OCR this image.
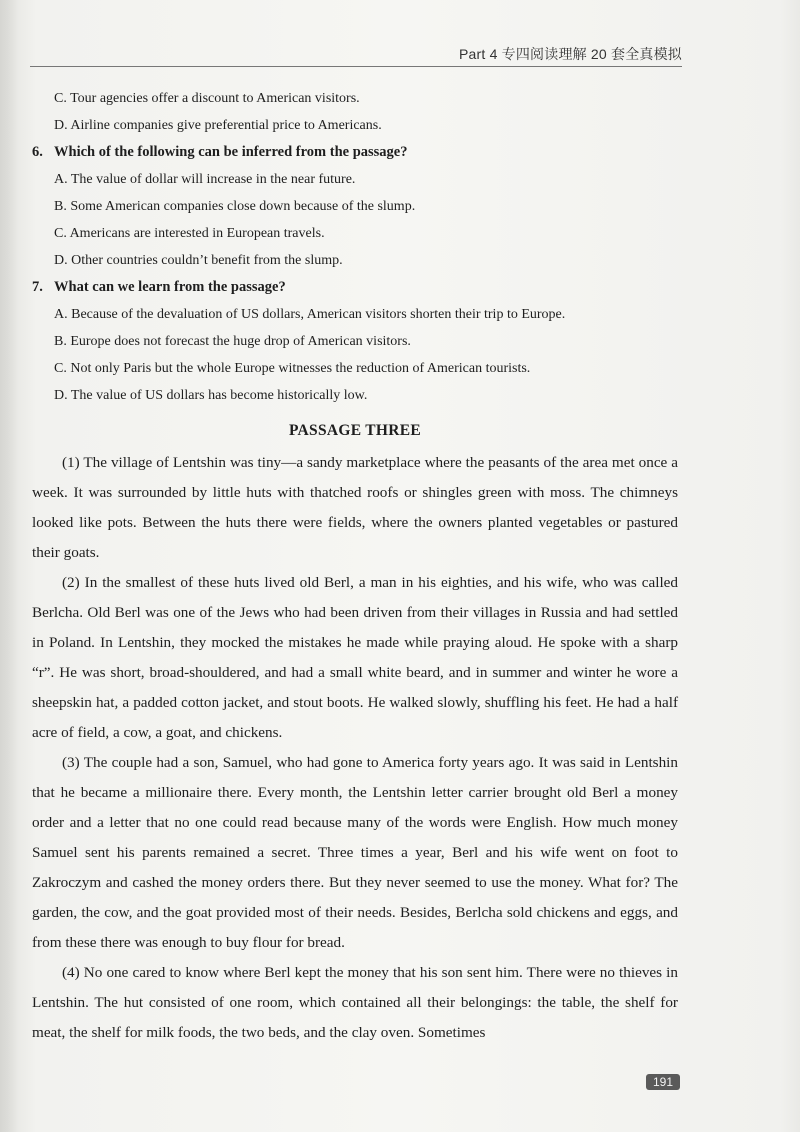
Part 4 专四阅读理解 20 套全真模拟
C. Tour agencies offer a discount to American visitors.
D. Airline companies give preferential price to Americans.
6. Which of the following can be inferred from the passage?
A. The value of dollar will increase in the near future.
B. Some American companies close down because of the slump.
C. Americans are interested in European travels.
D. Other countries couldn’t benefit from the slump.
7. What can we learn from the passage?
A. Because of the devaluation of US dollars, American visitors shorten their trip to Europe.
B. Europe does not forecast the huge drop of American visitors.
C. Not only Paris but the whole Europe witnesses the reduction of American tourists.
D. The value of US dollars has become historically low.
PASSAGE THREE

(1) The village of Lentshin was tiny—a sandy marketplace where the peasants of the area met once a week. It was surrounded by little huts with thatched roofs or shingles green with moss. The chimneys looked like pots. Between the huts there were fields, where the owners planted vegetables or pastured their goats.

(2) In the smallest of these huts lived old Berl, a man in his eighties, and his wife, who was called Berlcha. Old Berl was one of the Jews who had been driven from their villages in Russia and had settled in Poland. In Lentshin, they mocked the mistakes he made while praying aloud. He spoke with a sharp “r”. He was short, broad-shouldered, and had a small white beard, and in summer and winter he wore a sheepskin hat, a padded cotton jacket, and stout boots. He walked slowly, shuffling his feet. He had a half acre of field, a cow, a goat, and chickens.

(3) The couple had a son, Samuel, who had gone to America forty years ago. It was said in Lentshin that he became a millionaire there. Every month, the Lentshin letter carrier brought old Berl a money order and a letter that no one could read because many of the words were English. How much money Samuel sent his parents remained a secret. Three times a year, Berl and his wife went on foot to Zakroczym and cashed the money orders there. But they never seemed to use the money. What for? The garden, the cow, and the goat provided most of their needs. Besides, Berlcha sold chickens and eggs, and from these there was enough to buy flour for bread.

(4) No one cared to know where Berl kept the money that his son sent him. There were no thieves in Lentshin. The hut consisted of one room, which contained all their belongings: the table, the shelf for meat, the shelf for milk foods, the two beds, and the clay oven. Sometimes

191
